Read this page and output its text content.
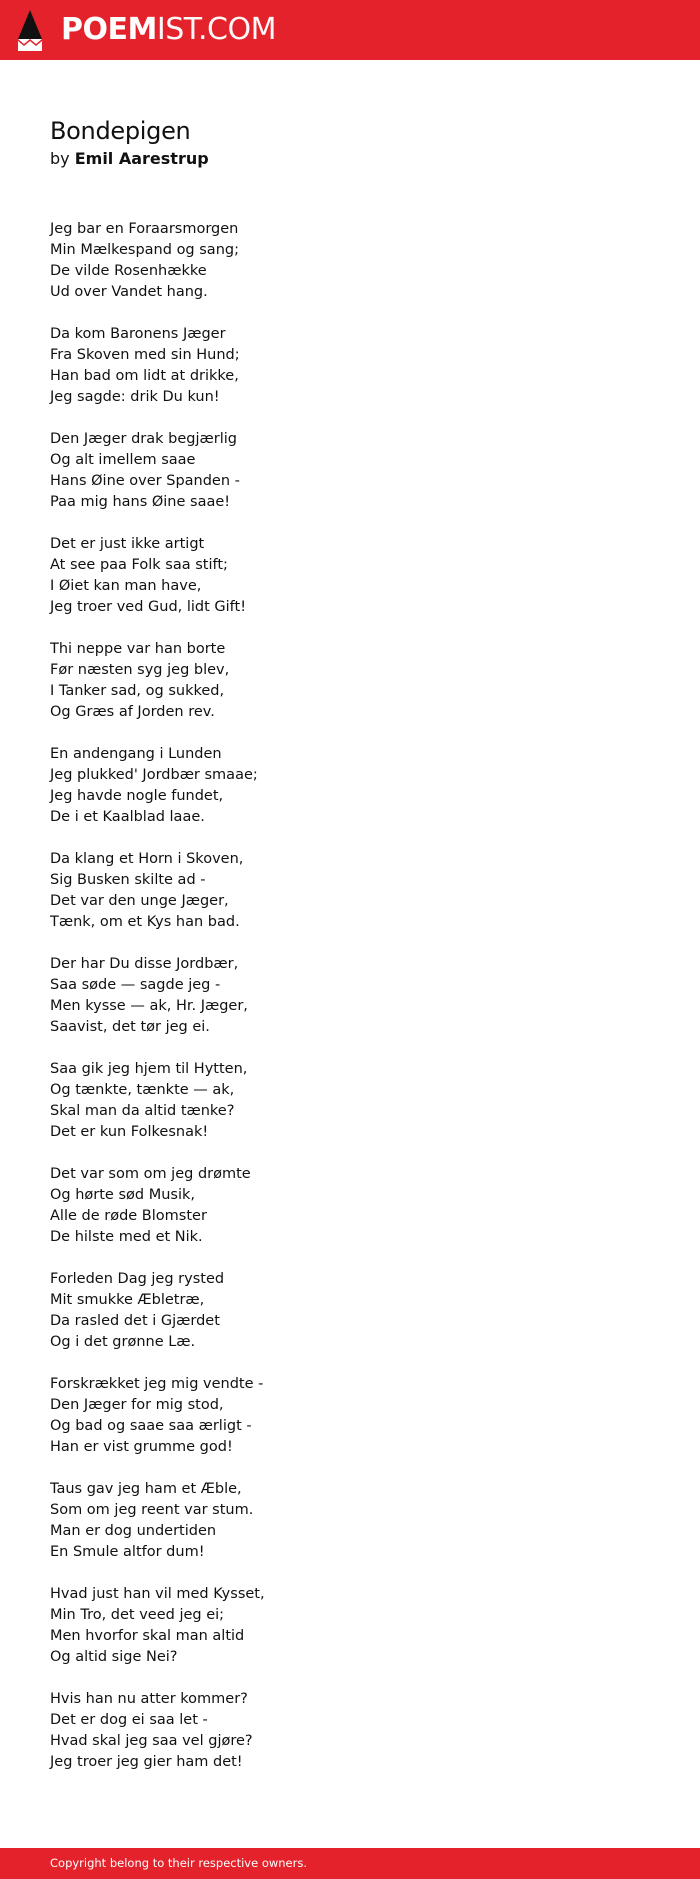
POEMIST.COM
Bondepigen
by Emil Aarestrup
Jeg bar en Foraarsmorgen
Min Mælkespand og sang;
De vilde Rosenhække
Ud over Vandet hang.
Da kom Baronens Jæger
Fra Skoven med sin Hund;
Han bad om lidt at drikke,
Jeg sagde: drik Du kun!
Den Jæger drak begjærlig
Og alt imellem saae
Hans Øine over Spanden -
Paa mig hans Øine saae!
Det er just ikke artigt
At see paa Folk saa stift;
I Øiet kan man have,
Jeg troer ved Gud, lidt Gift!
Thi neppe var han borte
Før næsten syg jeg blev,
I Tanker sad, og sukked,
Og Græs af Jorden rev.
En andengang i Lunden
Jeg plukked' Jordbær smaae;
Jeg havde nogle fundet,
De i et Kaalblad laae.
Da klang et Horn i Skoven,
Sig Busken skilte ad -
Det var den unge Jæger,
Tænk, om et Kys han bad.
Der har Du disse Jordbær,
Saa søde — sagde jeg -
Men kysse — ak, Hr. Jæger,
Saavist, det tør jeg ei.
Saa gik jeg hjem til Hytten,
Og tænkte, tænkte — ak,
Skal man da altid tænke?
Det er kun Folkesnak!
Det var som om jeg drømte
Og hørte sød Musik,
Alle de røde Blomster
De hilste med et Nik.
Forleden Dag jeg rysted
Mit smukke Æbletræ,
Da rasled det i Gjærdet
Og i det grønne Læ.
Forskrækket jeg mig vendte -
Den Jæger for mig stod,
Og bad og saae saa ærligt -
Han er vist grumme god!
Taus gav jeg ham et Æble,
Som om jeg reent var stum.
Man er dog undertiden
En Smule altfor dum!
Hvad just han vil med Kysset,
Min Tro, det veed jeg ei;
Men hvorfor skal man altid
Og altid sige Nei?
Hvis han nu atter kommer?
Det er dog ei saa let -
Hvad skal jeg saa vel gjøre?
Jeg troer jeg gier ham det!
Copyright belong to their respective owners.
